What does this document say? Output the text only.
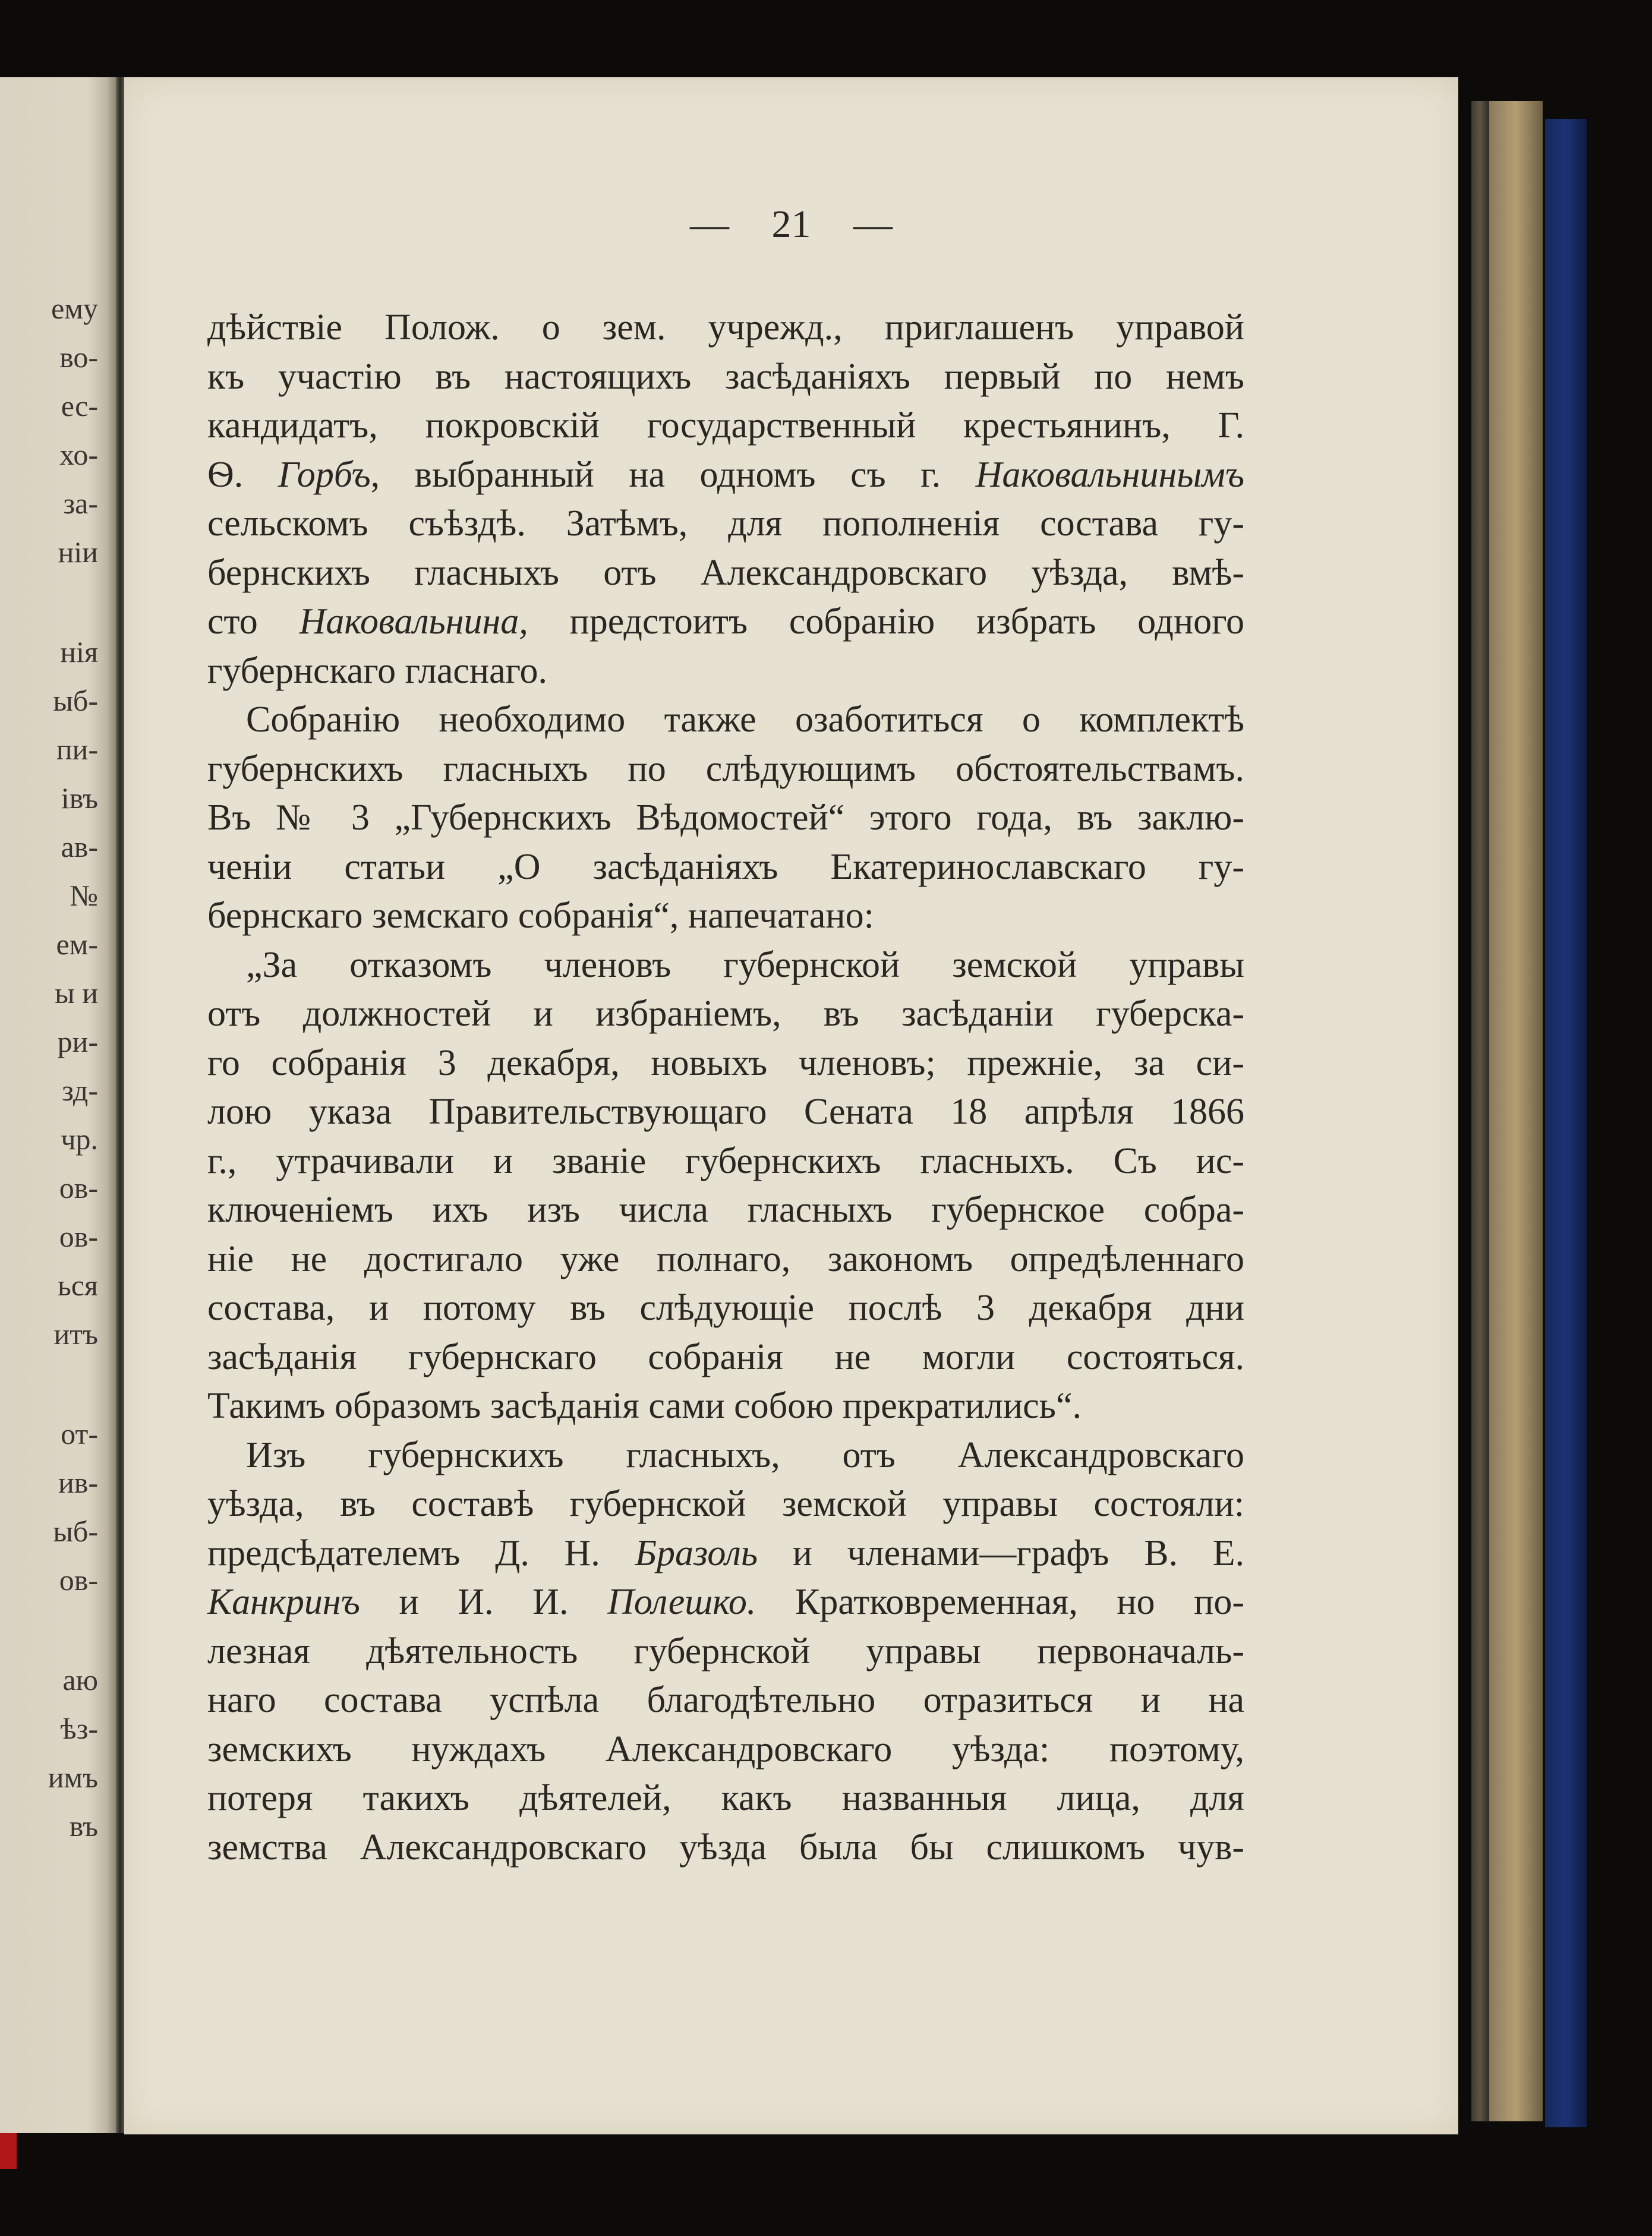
ему

во-

ес-

хо-

за-

ніи

нія

ыб-

пи-

івъ

ав-

№

ем-

ы и

ри-

зд-

чр.

ов-

ов-

ься

итъ

от-

ив-

ыб-

ов-

аю

ѣз-

имъ

въ

— 21 —
дѣйствіе Полож. о зем. учрежд., приглашенъ управой
къ участію въ настоящихъ засѣданіяхъ первый по немъ
кандидатъ, покровскій государственный крестьянинъ, Г.
Ѳ. Горбъ, выбранный на одномъ съ г. Наковальнинымъ
сельскомъ съѣздѣ. Затѣмъ, для пополненія состава гу-
бернскихъ гласныхъ отъ Александровскаго уѣзда, вмѣ-
сто Наковальнина, предстоитъ собранію избрать одного
губернскаго гласнаго.
Собранію необходимо также озаботиться о комплектѣ
губернскихъ гласныхъ по слѣдующимъ обстоятельствамъ.
Въ № 3 „Губернскихъ Вѣдомостей“ этого года, въ заклю-
ченіи статьи „О засѣданіяхъ Екатеринославскаго гу-
бернскаго земскаго собранія“, напечатано:
„За отказомъ членовъ губернской земской управы
отъ должностей и избраніемъ, въ засѣданіи губерска-
го собранія 3 декабря, новыхъ членовъ; прежніе, за си-
лою указа Правительствующаго Сената 18 апрѣля 1866
г., утрачивали и званіе губернскихъ гласныхъ. Съ ис-
ключеніемъ ихъ изъ числа гласныхъ губернское собра-
ніе не достигало уже полнаго, закономъ опредѣленнаго
состава, и потому въ слѣдующіе послѣ 3 декабря дни
засѣданія губернскаго собранія не могли состояться.
Такимъ образомъ засѣданія сами собою прекратились“.
Изъ губернскихъ гласныхъ, отъ Александровскаго
уѣзда, въ составѣ губернской земской управы состояли:
предсѣдателемъ Д. Н. Бразоль и членами—графъ В. Е.
Канкринъ и И. И. Полешко. Кратковременная, но по-
лезная дѣятельность губернской управы первоначаль-
наго состава успѣла благодѣтельно отразиться и на
земскихъ нуждахъ Александровскаго уѣзда: поэтому,
потеря такихъ дѣятелей, какъ названныя лица, для
земства Александровскаго уѣзда была бы слишкомъ чув-
